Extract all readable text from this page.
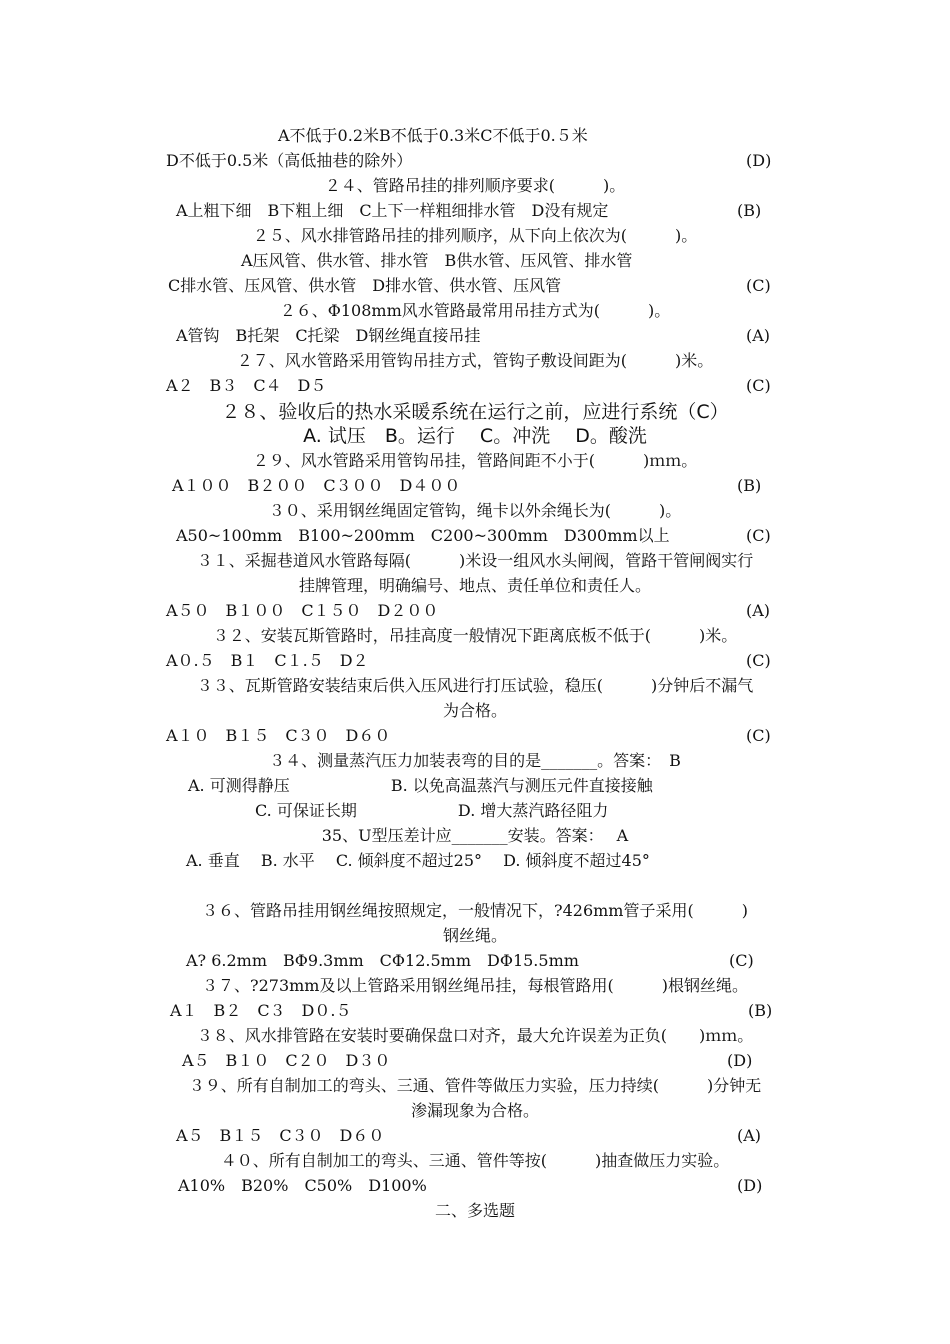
A不低于0.2米B不低于0.3米C不低于0.５米
D不低于0.5米（高低抽巷的除外）	(D)
２４、管路吊挂的排列顺序要求(　　　)。
A上粗下细　B下粗上细　C上下一样粗细排水管　D没有规定	(B)
２５、风水排管路吊挂的排列顺序，从下向上依次为(　　　)。
A压风管、供水管、排水管　B供水管、压风管、排水管
C排水管、压风管、供水管　D排水管、供水管、压风管	(C)
２６、Φ108mm风水管路最常用吊挂方式为(　　　)。
A管钩　B托架　C托梁　D钢丝绳直接吊挂	(A)
２７、风水管路采用管钩吊挂方式，管钩子敷设间距为(　　　)米。
A２　B３　C４　D５	(C)
２８、验收后的热水采暖系统在运行之前，应进行系统（C）
A. 试压　B。运行　 C。冲洗　 D。酸洗
２９、风水管路采用管钩吊挂，管路间距不小于(　　　)ｍｍ。
A１００　B２００　C３００　D４００	(B)
３０、采用钢丝绳固定管钩，绳卡以外余绳长为(　　　)。
A50~100mm　B100~200mm　C200~300mm　D300mm以上	(C)
３１、采掘巷道风水管路每隔(　　　)米设一组风水头闸阀，管路干管闸阀实行
挂牌管理，明确编号、地点、责任单位和责任人。
A５０　B１００　C１５０　D２００	(A)
３２、安装瓦斯管路时，吊挂高度一般情况下距离底板不低于(　　　)米。
A０.５　B１　C１.５　D２	(C)
３３、瓦斯管路安装结束后供入压风进行打压试验，稳压(　　　)分钟后不漏气
为合格。
A１０　B１５　C３０　D６０	(C)
３４、测量蒸汽压力加装表弯的目的是_______。答案：　B
A. 可测得静压　　　　　　 B. 以免高温蒸汽与测压元件直接接触
C. 可保证长期　　　　　　 D. 增大蒸汽路径阻力
35、U型压差计应_______安装。答案：　 A
A. 垂直　 B. 水平　 C. 倾斜度不超过25°　 D. 倾斜度不超过45°
３６、管路吊挂用钢丝绳按照规定，一般情况下，?426mm管子采用(　　　)
钢丝绳。
A? 6.2mm　BΦ9.3mm　CΦ12.5mm　DΦ15.5mm	(C)
３７、?273mm及以上管路采用钢丝绳吊挂，每根管路用(　　　)根钢丝绳。
A１　B２　C３　D０.５	(B)
３８、风水排管路在安装时要确保盘口对齐，最大允许误差为正负(　　)ｍｍ。
A５　B１０　C２０　D３０	(D)
３９、所有自制加工的弯头、三通、管件等做压力实验，压力持续(　　　)分钟无
渗漏现象为合格。
A５　B１５　C３０　D６０	(A)
４０、所有自制加工的弯头、三通、管件等按(　　　)抽查做压力实验。
A10%　B20%　C50%　D100%	(D)
二、多选题
